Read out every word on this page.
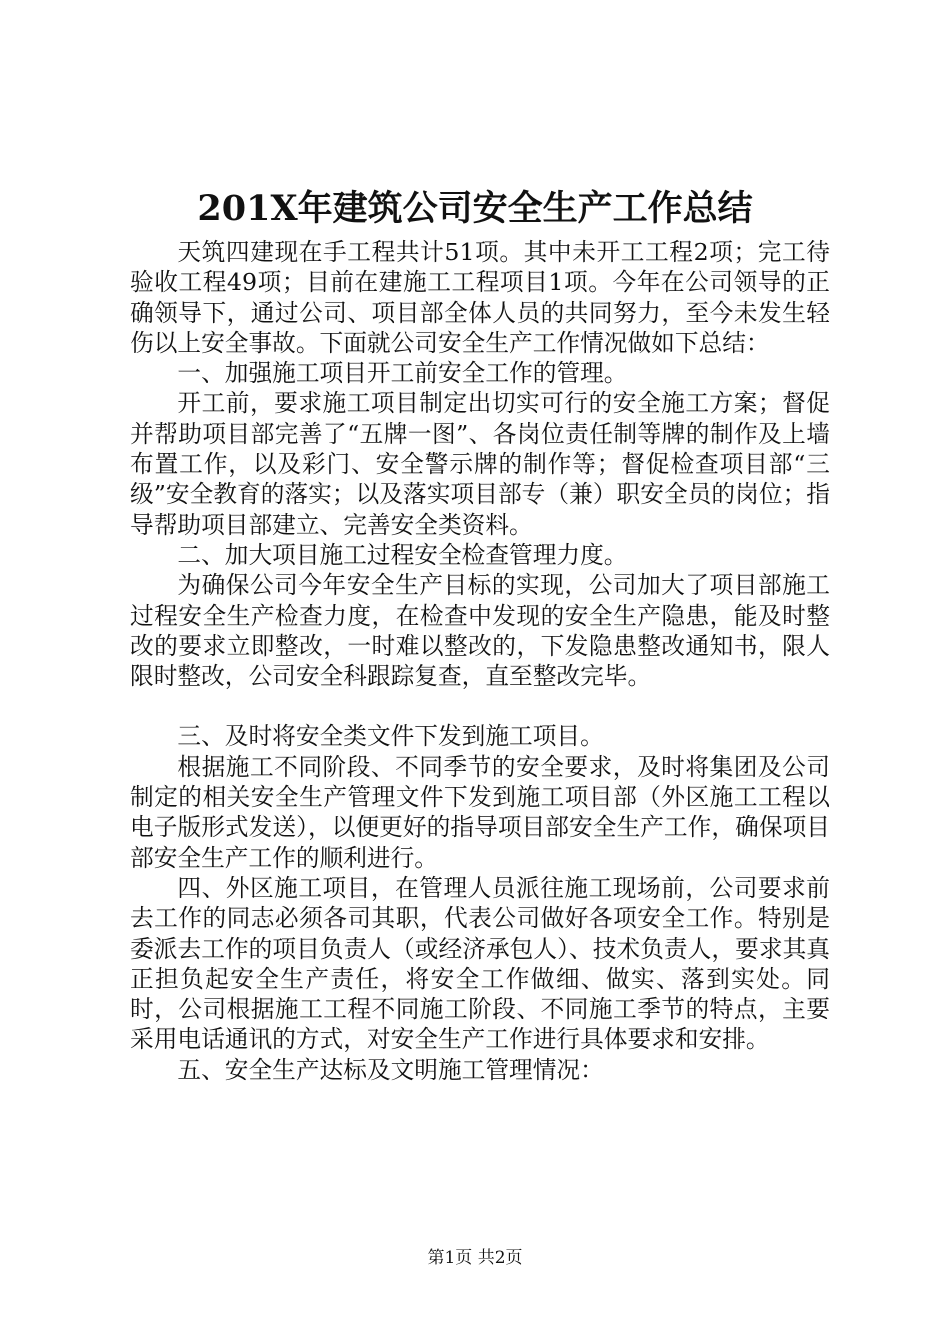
201X年建筑公司安全生产工作总结

天筑四建现在手工程共计51项。其中未开工工程2项；完工待验收工程49项；目前在建施工工程项目1项。今年在公司领导的正确领导下，通过公司、项目部全体人员的共同努力，至今未发生轻伤以上安全事故。下面就公司安全生产工作情况做如下总结：

一、加强施工项目开工前安全工作的管理。

开工前，要求施工项目制定出切实可行的安全施工方案；督促并帮助项目部完善了“五牌一图”、各岗位责任制等牌的制作及上墙布置工作，以及彩门、安全警示牌的制作等；督促检查项目部“三级”安全教育的落实；以及落实项目部专（兼）职安全员的岗位；指导帮助项目部建立、完善安全类资料。

二、加大项目施工过程安全检查管理力度。

为确保公司今年安全生产目标的实现，公司加大了项目部施工过程安全生产检查力度，在检查中发现的安全生产隐患，能及时整改的要求立即整改，一时难以整改的，下发隐患整改通知书，限人限时整改，公司安全科跟踪复查，直至整改完毕。

三、及时将安全类文件下发到施工项目。

根据施工不同阶段、不同季节的安全要求，及时将集团及公司制定的相关安全生产管理文件下发到施工项目部（外区施工工程以电子版形式发送），以便更好的指导项目部安全生产工作，确保项目部安全生产工作的顺利进行。

四、外区施工项目，在管理人员派往施工现场前，公司要求前去工作的同志必须各司其职，代表公司做好各项安全工作。特别是委派去工作的项目负责人（或经济承包人）、技术负责人，要求其真正担负起安全生产责任，将安全工作做细、做实、落到实处。同时，公司根据施工工程不同施工阶段、不同施工季节的特点，主要采用电话通讯的方式，对安全生产工作进行具体要求和安排。

五、安全生产达标及文明施工管理情况：

第1页 共2页
